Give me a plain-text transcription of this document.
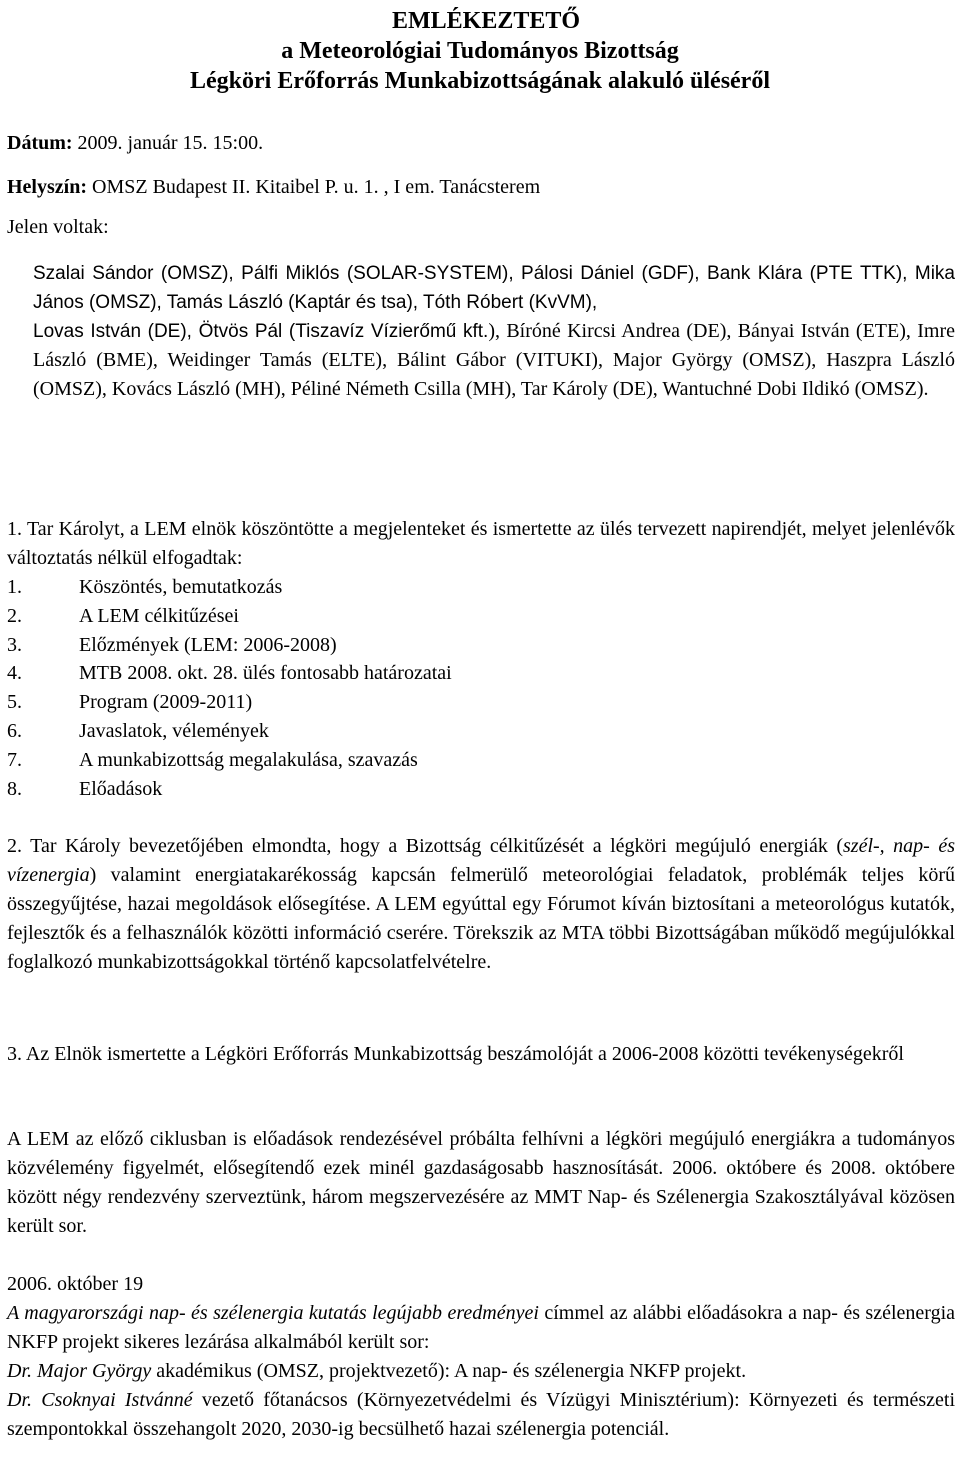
EMLÉKEZTETŐ
a Meteorológiai Tudományos Bizottság
Légköri Erőforrás Munkabizottságának alakuló üléséről
Dátum: 2009. január 15. 15:00.
Helyszín: OMSZ Budapest II. Kitaibel P. u. 1. , I em. Tanácsterem
Jelen voltak:
Szalai Sándor (OMSZ), Pálfi Miklós (SOLAR-SYSTEM), Pálosi Dániel (GDF), Bank Klára (PTE TTK), Mika János (OMSZ), Tamás László (Kaptár és tsa), Tóth Róbert (KvVM),
Lovas István (DE), Ötvös Pál (Tiszavíz Vízierőmű kft.), Bíróné Kircsi Andrea (DE), Bányai István (ETE), Imre László (BME), Weidinger Tamás (ELTE), Bálint Gábor (VITUKI), Major György (OMSZ), Haszpra László (OMSZ), Kovács László (MH), Péliné Németh Csilla (MH), Tar Károly (DE), Wantuchné Dobi Ildikó (OMSZ).
1. Tar Károlyt, a LEM elnök köszöntötte a megjelenteket és ismertette az ülés tervezett napirendjét, melyet jelenlévők változtatás nélkül elfogadtak:
1.	Köszöntés, bemutatkozás
2.	A LEM célkitűzései
3.	Előzmények (LEM: 2006-2008)
4.	MTB 2008. okt. 28. ülés fontosabb határozatai
5.	Program (2009-2011)
6.	Javaslatok, vélemények
7.	A munkabizottság megalakulása, szavazás
8.	Előadások
2. Tar Károly bevezetőjében elmondta, hogy a Bizottság célkitűzését a légköri megújuló energiák (szél-, nap- és vízenergia) valamint energiatakarékosság kapcsán felmerülő meteorológiai feladatok, problémák teljes körű összegyűjtése, hazai megoldások elősegítése. A LEM egyúttal egy Fórumot kíván biztosítani a meteorológus kutatók, fejlesztők és a felhasználók közötti információ cserére. Törekszik az MTA többi Bizottságában működő megújulókkal foglalkozó munkabizottságokkal történő kapcsolatfelvételre.
3. Az Elnök ismertette a Légköri Erőforrás Munkabizottság beszámolóját a 2006-2008 közötti tevékenységekről
A LEM az előző ciklusban is előadások rendezésével próbálta felhívni a légköri megújuló energiákra a tudományos közvélemény figyelmét, elősegítendő ezek minél gazdaságosabb hasznosítását. 2006. októbere és 2008. októbere között négy rendezvény szerveztünk, három megszervezésére az MMT Nap- és Szélenergia Szakosztályával közösen került sor.
2006. október 19
A magyarországi nap- és szélenergia kutatás legújabb eredményei címmel az alábbi előadásokra a nap- és szélenergia NKFP projekt sikeres lezárása alkalmából került sor:
Dr. Major György akadémikus (OMSZ, projektvezető): A nap- és szélenergia NKFP projekt.
Dr. Csoknyai Istvánné vezető főtanácsos (Környezetvédelmi és Vízügyi Minisztérium): Környezeti és természeti szempontokkal összehangolt 2020, 2030-ig becsülhető hazai szélenergia potenciál.
